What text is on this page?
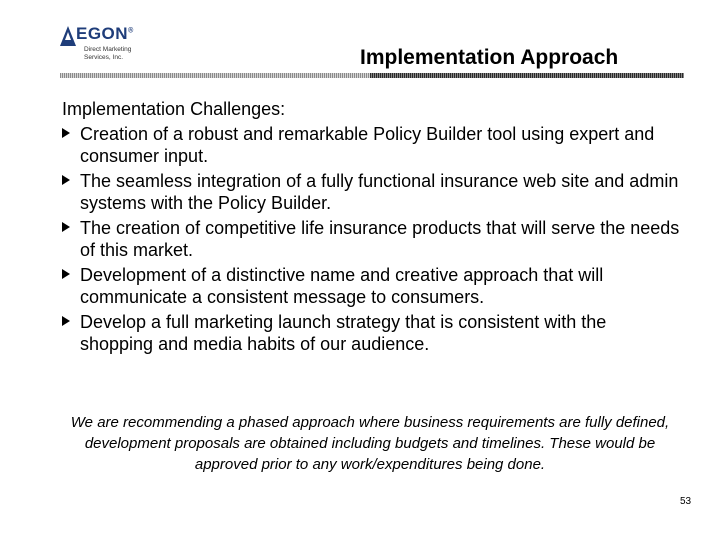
EGON®
Direct Marketing
Services, Inc.	Implementation Approach
Implementation Challenges:
Creation of a robust and remarkable Policy Builder tool using expert and consumer input.
The seamless integration of a fully functional insurance web site and admin systems with the Policy Builder.
The creation of competitive life insurance products that will serve the needs of this market.
Development of a distinctive name and creative approach that will communicate a consistent message to consumers.
Develop a full marketing launch strategy that is consistent with the shopping and media habits of our audience.
We are recommending a phased approach where business requirements are fully defined, development proposals are obtained including budgets and timelines. These would be approved prior to any work/expenditures being done.
53
